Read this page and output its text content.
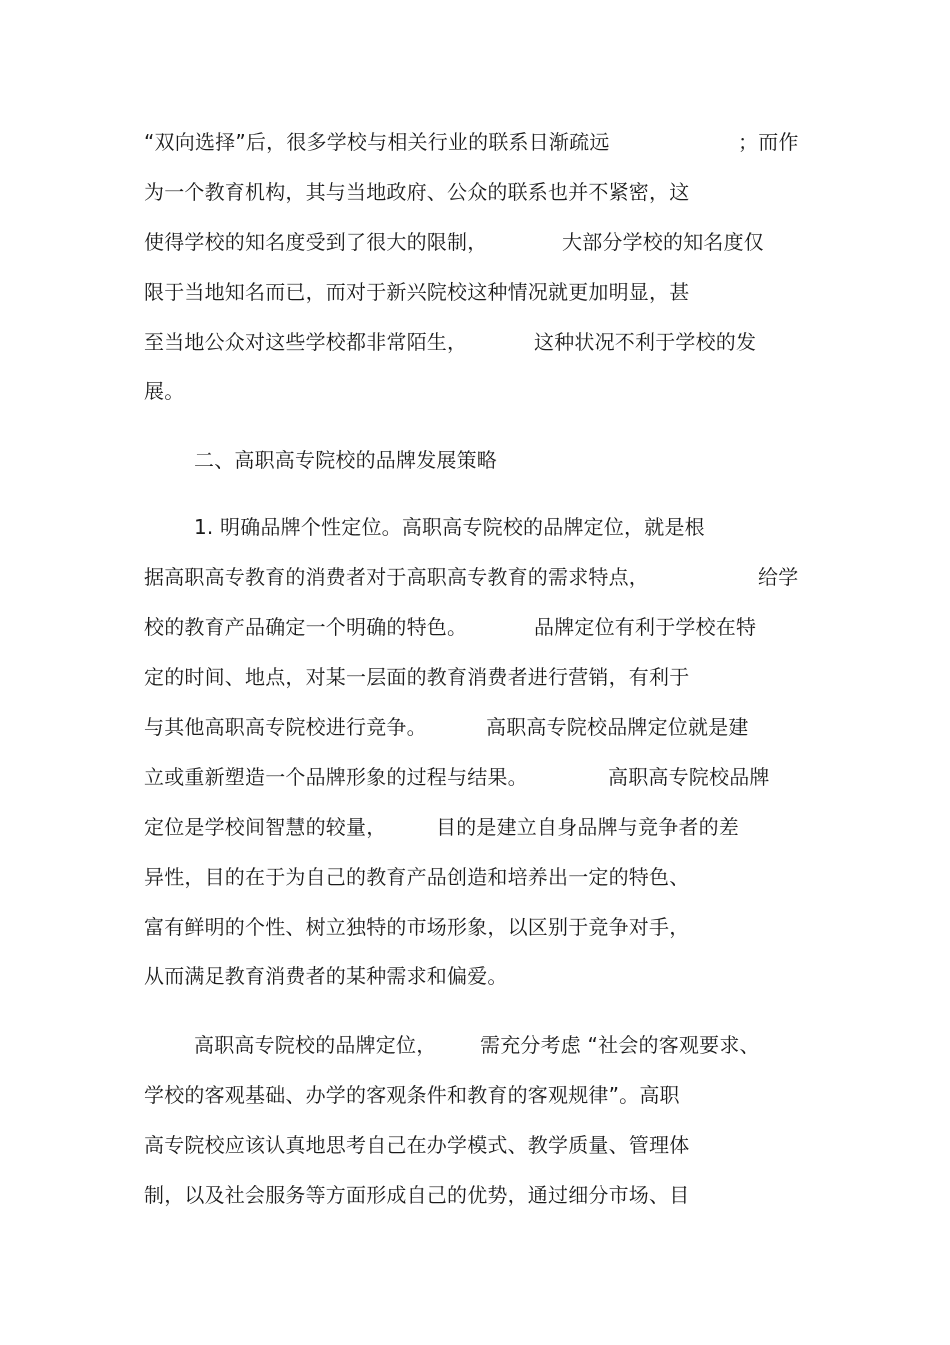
“双向选择”后，很多学校与相关行业的联系日渐疏远	；而作
为一个教育机构，其与当地政府、公众的联系也并不紧密，这
使得学校的知名度受到了很大的限制，	大部分学校的知名度仅
限于当地知名而已，而对于新兴院校这种情况就更加明显，甚
至当地公众对这些学校都非常陌生，	这种状况不利于学校的发
展。
二、高职高专院校的品牌发展策略
1. 明确品牌个性定位。高职高专院校的品牌定位，就是根
据高职高专教育的消费者对于高职高专教育的需求特点，	给学
校的教育产品确定一个明确的特色。	品牌定位有利于学校在特
定的时间、地点，对某一层面的教育消费者进行营销，有利于
与其他高职高专院校进行竞争。	高职高专院校品牌定位就是建
立或重新塑造一个品牌形象的过程与结果。	高职高专院校品牌
定位是学校间智慧的较量， 目的是建立自身品牌与竞争者的差
异性，目的在于为自己的教育产品创造和培养出一定的特色、
富有鲜明的个性、树立独特的市场形象，以区别于竞争对手，
从而满足教育消费者的某种需求和偏爱。
高职高专院校的品牌定位， 需充分考虑 “社会的客观要求、
学校的客观基础、办学的客观条件和教育的客观规律”。高职
高专院校应该认真地思考自己在办学模式、教学质量、管理体
制，以及社会服务等方面形成自己的优势，通过细分市场、目
